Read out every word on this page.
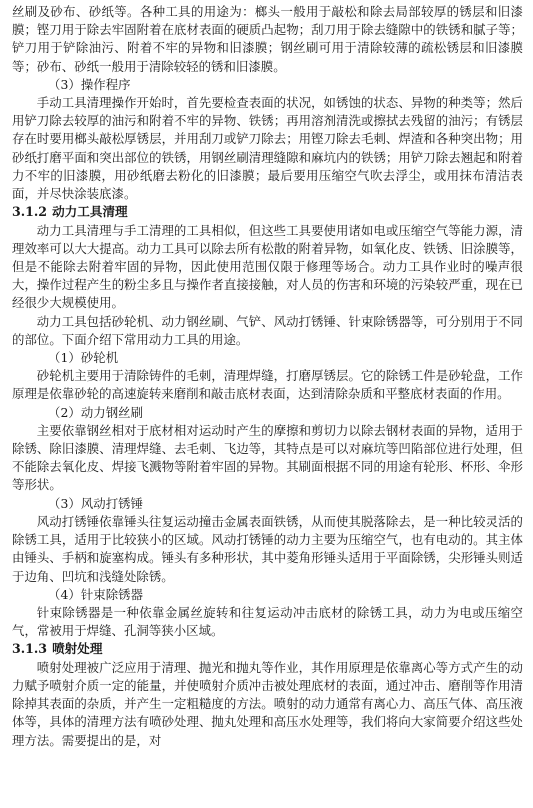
丝刷及砂布、砂纸等。各种工具的用途为：榔头一般用于敲松和除去局部较厚的锈层和旧漆膜；铿刀用于除去牢固附着在底材表面的硬质凸起物；刮刀用于除去缝隙中的铁锈和腻子等；铲刀用于铲除油污、附着不牢的异物和旧漆膜；钢丝刷可用于清除较薄的疏松锈层和旧漆膜等；砂布、砂纸一般用于清除较轻的锈和旧漆膜。

（3）操作程序

手动工具清理操作开始时，首先要检查表面的状况，如锈蚀的状态、异物的种类等；然后用铲刀除去较厚的油污和附着不牢的异物、铁锈；再用溶剂清洗或擦拭去残留的油污；有锈层存在时要用榔头敲松厚锈层，并用刮刀或铲刀除去；用铿刀除去毛刺、焊渣和各种突出物；用砂纸打磨平面和突出部位的铁锈，用钢丝刷清理缝隙和麻坑内的铁锈；用铲刀除去翘起和附着力不牢的旧漆膜，用砂纸磨去粉化的旧漆膜；最后要用压缩空气吹去浮尘，或用抹布清洁表面，并尽快涂装底漆。

3.1.2 动力工具清理

动力工具清理与手工清理的工具相似，但这些工具要使用诸如电或压缩空气等能力源，清理效率可以大大提高。动力工具可以除去所有松散的附着异物，如氧化皮、铁锈、旧涂膜等，但是不能除去附着牢固的异物，因此使用范围仅限于修理等场合。动力工具作业时的噪声很大，操作过程产生的粉尘多且与操作者直接接触，对人员的伤害和环境的污染较严重，现在已经很少大规模使用。

动力工具包括砂轮机、动力钢丝刷、气铲、风动打锈锤、针束除锈器等，可分别用于不同的部位。下面介绍下常用动力工具的用途。

（1）砂轮机

砂轮机主要用于清除铸件的毛刺，清理焊缝，打磨厚锈层。它的除锈工件是砂轮盘，工作原理是依靠砂轮的高速旋转来磨削和敲击底材表面，达到清除杂质和平整底材表面的作用。

（2）动力钢丝刷

主要依靠钢丝相对于底材相对运动时产生的摩擦和剪切力以除去钢材表面的异物，适用于除锈、除旧漆膜、清理焊缝、去毛刺、飞边等，其特点是可以对麻坑等凹陷部位进行处理，但不能除去氧化皮、焊接飞溅物等附着牢固的异物。其刷面根据不同的用途有轮形、杯形、伞形等形状。

（3）风动打锈锤

风动打锈锤依靠锤头往复运动撞击金属表面铁锈，从而使其脱落除去，是一种比较灵活的除锈工具，适用于比较狭小的区域。风动打锈锤的动力主要为压缩空气，也有电动的。其主体由锤头、手柄和旋塞构成。锤头有多种形状，其中菱角形锤头适用于平面除锈，尖形锤头则适于边角、凹坑和浅缝处除锈。

（4）针束除锈器

针束除锈器是一种依靠金属丝旋转和往复运动冲击底材的除锈工具，动力为电或压缩空气，常被用于焊缝、孔洞等狭小区域。

3.1.3 喷射处理

喷射处理被广泛应用于清理、抛光和抛丸等作业，其作用原理是依靠离心等方式产生的动力赋予喷射介质一定的能量，并使喷射介质冲击被处理底材的表面，通过冲击、磨削等作用清除掉其表面的杂质，并产生一定粗糙度的方法。喷射的动力通常有离心力、高压气体、高压液体等，具体的清理方法有喷砂处理、抛丸处理和高压水处理等，我们将向大家简要介绍这些处理方法。需要提出的是，对
